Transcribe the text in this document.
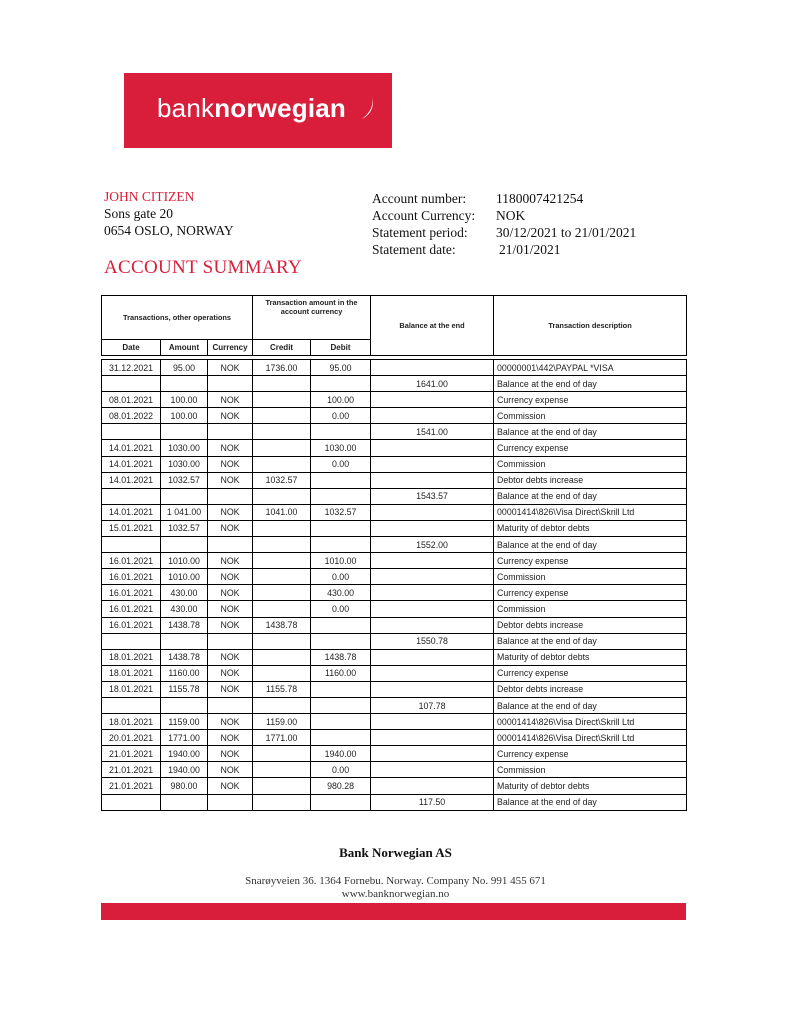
banknorwegian
JOHN CITIZEN
Sons gate 20
0654 OSLO, NORWAY
Account number:	1180007421254
Account Currency:	NOK
Statement period:	30/12/2021 to 21/01/2021
Statement date:	21/01/2021
ACCOUNT SUMMARY
Transactions, other operations			Transaction amount in the account currency		Balance at the end	Transaction description
Date	Amount	Currency	Credit	Debit		

31.12.2021	95.00	NOK	1736.00	95.00		00000001\442\PAYPAL *VISA
					1641.00	Balance at the end of day
08.01.2021	100.00	NOK		100.00		Currency expense
08.01.2022	100.00	NOK		0.00		Commission
					1541.00	Balance at the end of day
14.01.2021	1030.00	NOK		1030.00		Currency expense
14.01.2021	1030.00	NOK		0.00		Commission
14.01.2021	1032.57	NOK	1032.57			Debtor debts increase
					1543.57	Balance at the end of day
14.01.2021	1 041.00	NOK	1041.00	1032.57		00001414\826\Visa Direct\Skrill Ltd
15.01.2021	1032.57	NOK				Maturity of debtor debts
					1552.00	Balance at the end of day
16.01.2021	1010.00	NOK		1010.00		Currency expense
16.01.2021	1010.00	NOK		0.00		Commission
16.01.2021	430.00	NOK		430.00		Currency expense
16.01.2021	430.00	NOK		0.00		Commission
16.01.2021	1438.78	NOK	1438.78			Debtor debts increase
					1550.78	Balance at the end of day
18.01.2021	1438.78	NOK		1438.78		Maturity of debtor debts
18.01.2021	1160.00	NOK		1160.00		Currency expense
18.01.2021	1155.78	NOK	1155.78			Debtor debts increase
					107.78	Balance at the end of day
18.01.2021	1159.00	NOK	1159.00			00001414\826\Visa Direct\Skrill Ltd
20.01.2021	1771.00	NOK	1771.00			00001414\826\Visa Direct\Skrill Ltd
21.01.2021	1940.00	NOK		1940.00		Currency expense
21.01.2021	1940.00	NOK		0.00		Commission
21.01.2021	980.00	NOK		980.28		Maturity of debtor debts
					117.50	Balance at the end of day
Bank Norwegian AS
Snarøyveien 36. 1364 Fornebu. Norway. Company No. 991 455 671
www.banknorwegian.no
